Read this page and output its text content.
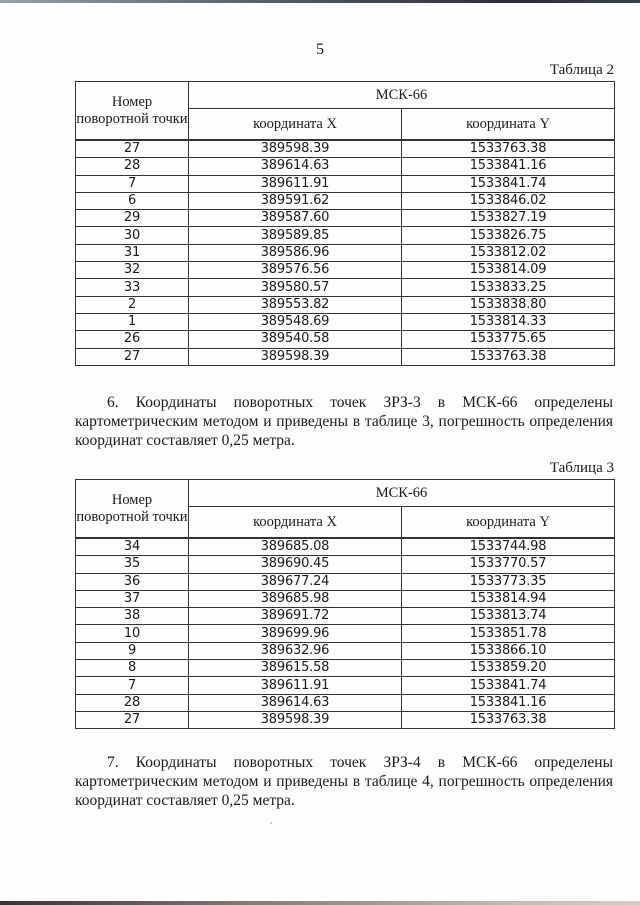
5
Таблица 2
Номер поворотной точки	МСК-66	
	координата X	координата Y
27	389598.39	1533763.38
28	389614.63	1533841.16
7	389611.91	1533841.74
6	389591.62	1533846.02
29	389587.60	1533827.19
30	389589.85	1533826.75
31	389586.96	1533812.02
32	389576.56	1533814.09
33	389580.57	1533833.25
2	389553.82	1533838.80
1	389548.69	1533814.33
26	389540.58	1533775.65
27	389598.39	1533763.38
6. Координаты поворотных точек ЗРЗ-3 в МСК-66 определены
картометрическим методом и приведены в таблице 3, погрешность определения координат составляет 0,25 метра.
Таблица 3
Номер поворотной точки	МСК-66	
	координата X	координата Y
34	389685.08	1533744.98
35	389690.45	1533770.57
36	389677.24	1533773.35
37	389685.98	1533814.94
38	389691.72	1533813.74
10	389699.96	1533851.78
9	389632.96	1533866.10
8	389615.58	1533859.20
7	389611.91	1533841.74
28	389614.63	1533841.16
27	389598.39	1533763.38
7. Координаты поворотных точек ЗРЗ-4 в МСК-66 определены
картометрическим методом и приведены в таблице 4, погрешность определения координат составляет 0,25 метра.
